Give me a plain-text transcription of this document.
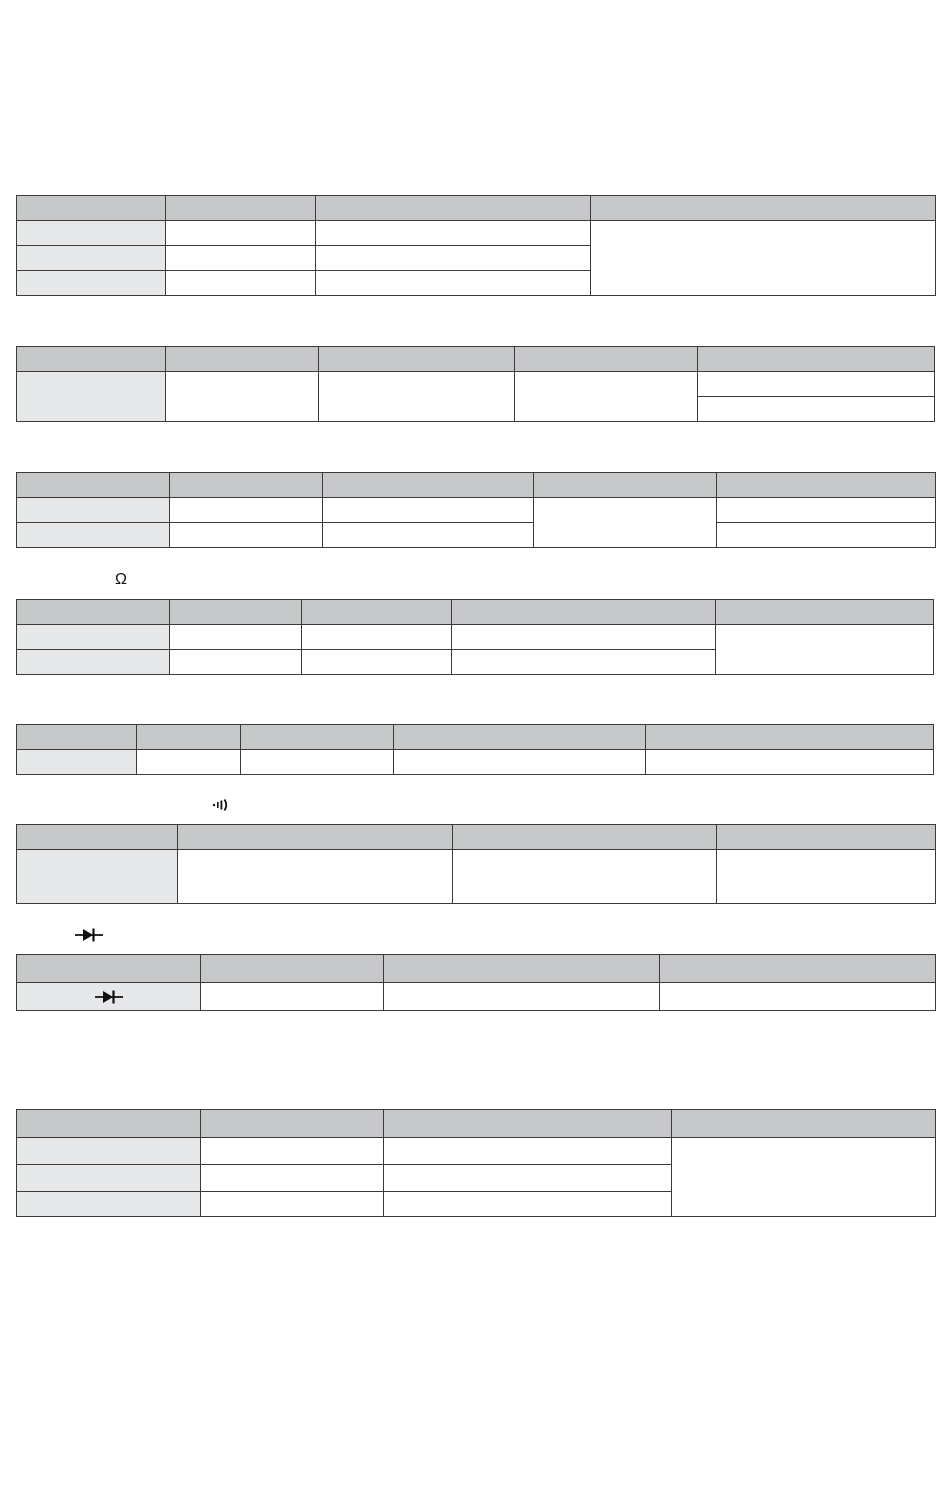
Ω
